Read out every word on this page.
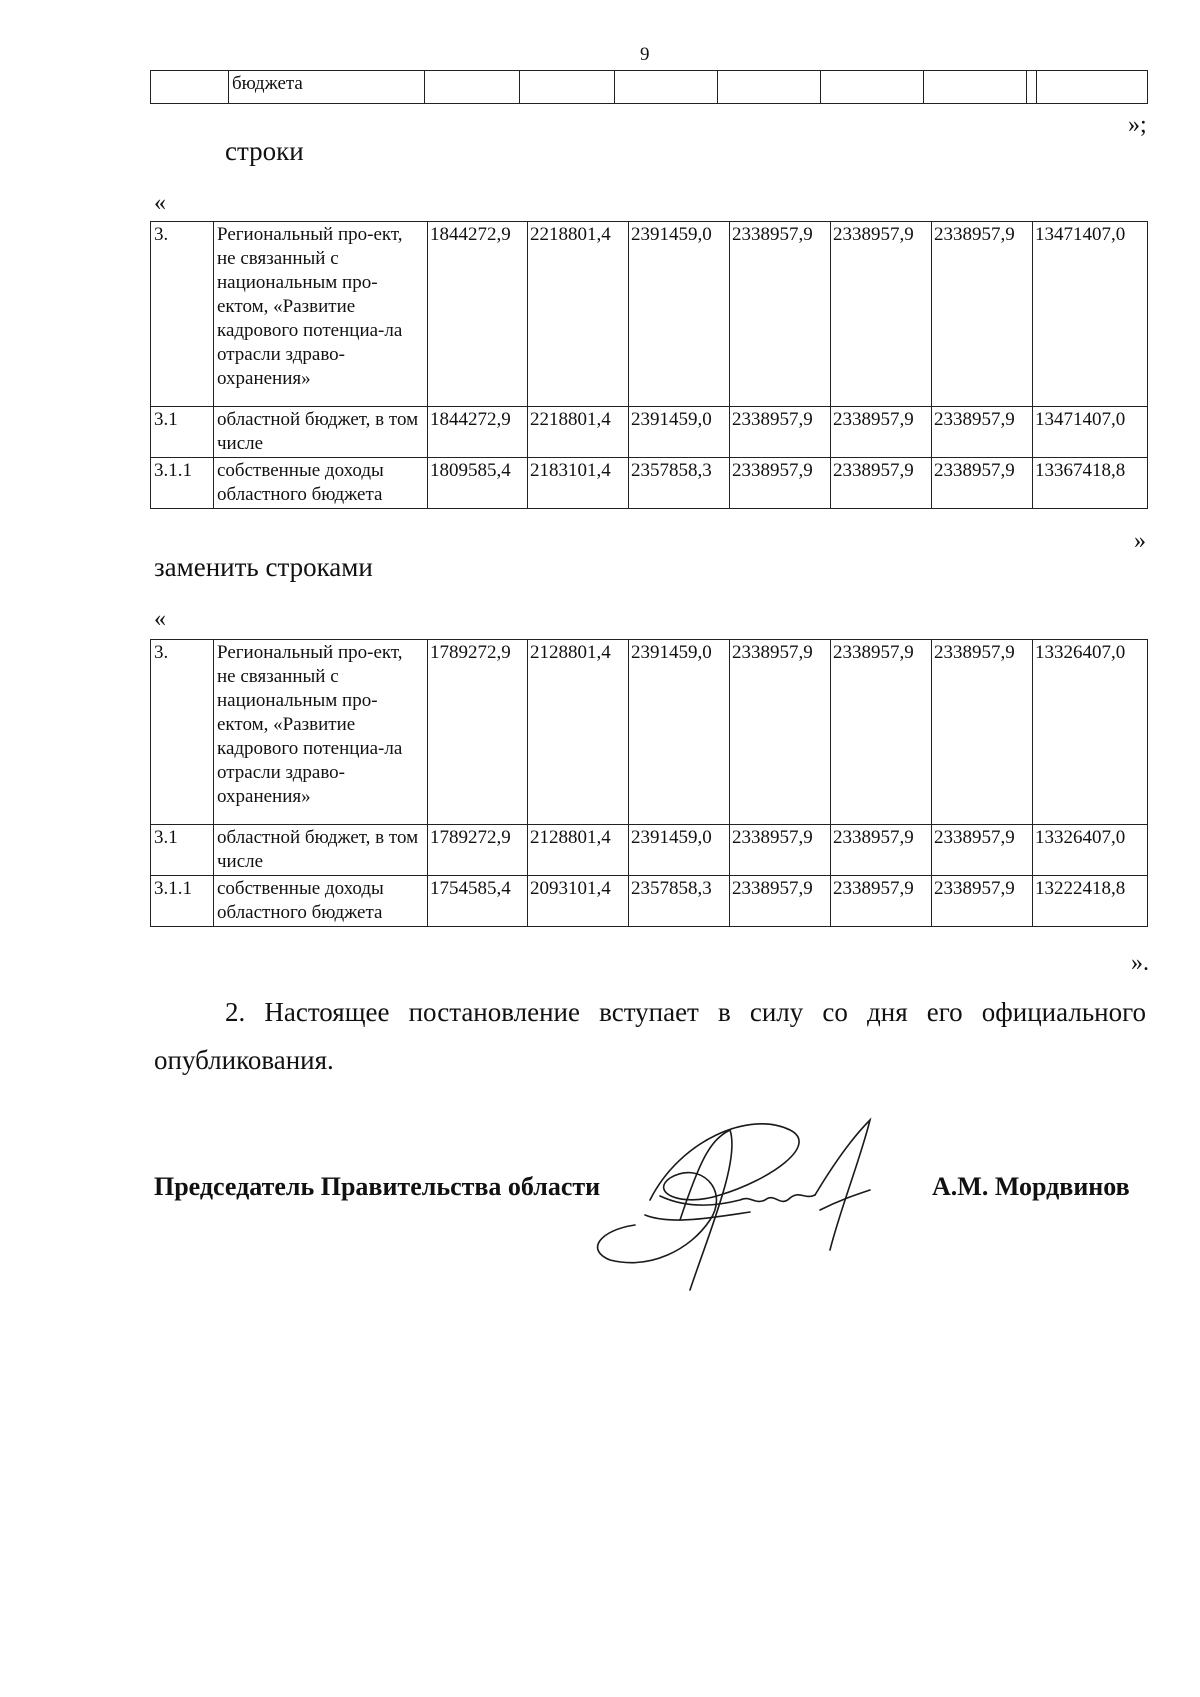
9
	бюджета								
»;
строки
«
3.	Региональный про-ект, не связанный с национальным про-ектом, «Развитие кадрового потенциа-ла отрасли здраво-охранения»	1844272,9	2218801,4	2391459,0	2338957,9	2338957,9	2338957,9	13471407,0
3.1	областной бюджет, в том числе	1844272,9	2218801,4	2391459,0	2338957,9	2338957,9	2338957,9	13471407,0
3.1.1	собственные доходы областного бюджета	1809585,4	2183101,4	2357858,3	2338957,9	2338957,9	2338957,9	13367418,8
»
заменить строками
«
3.	Региональный про-ект, не связанный с национальным про-ектом, «Развитие кадрового потенциа-ла отрасли здраво-охранения»	1789272,9	2128801,4	2391459,0	2338957,9	2338957,9	2338957,9	13326407,0
3.1	областной бюджет, в том числе	1789272,9	2128801,4	2391459,0	2338957,9	2338957,9	2338957,9	13326407,0
3.1.1	собственные доходы областного бюджета	1754585,4	2093101,4	2357858,3	2338957,9	2338957,9	2338957,9	13222418,8
».
2. Настоящее постановление вступает в силу со дня его официального опубликования.
Председатель Правительства области	А.М. Мордвинов
